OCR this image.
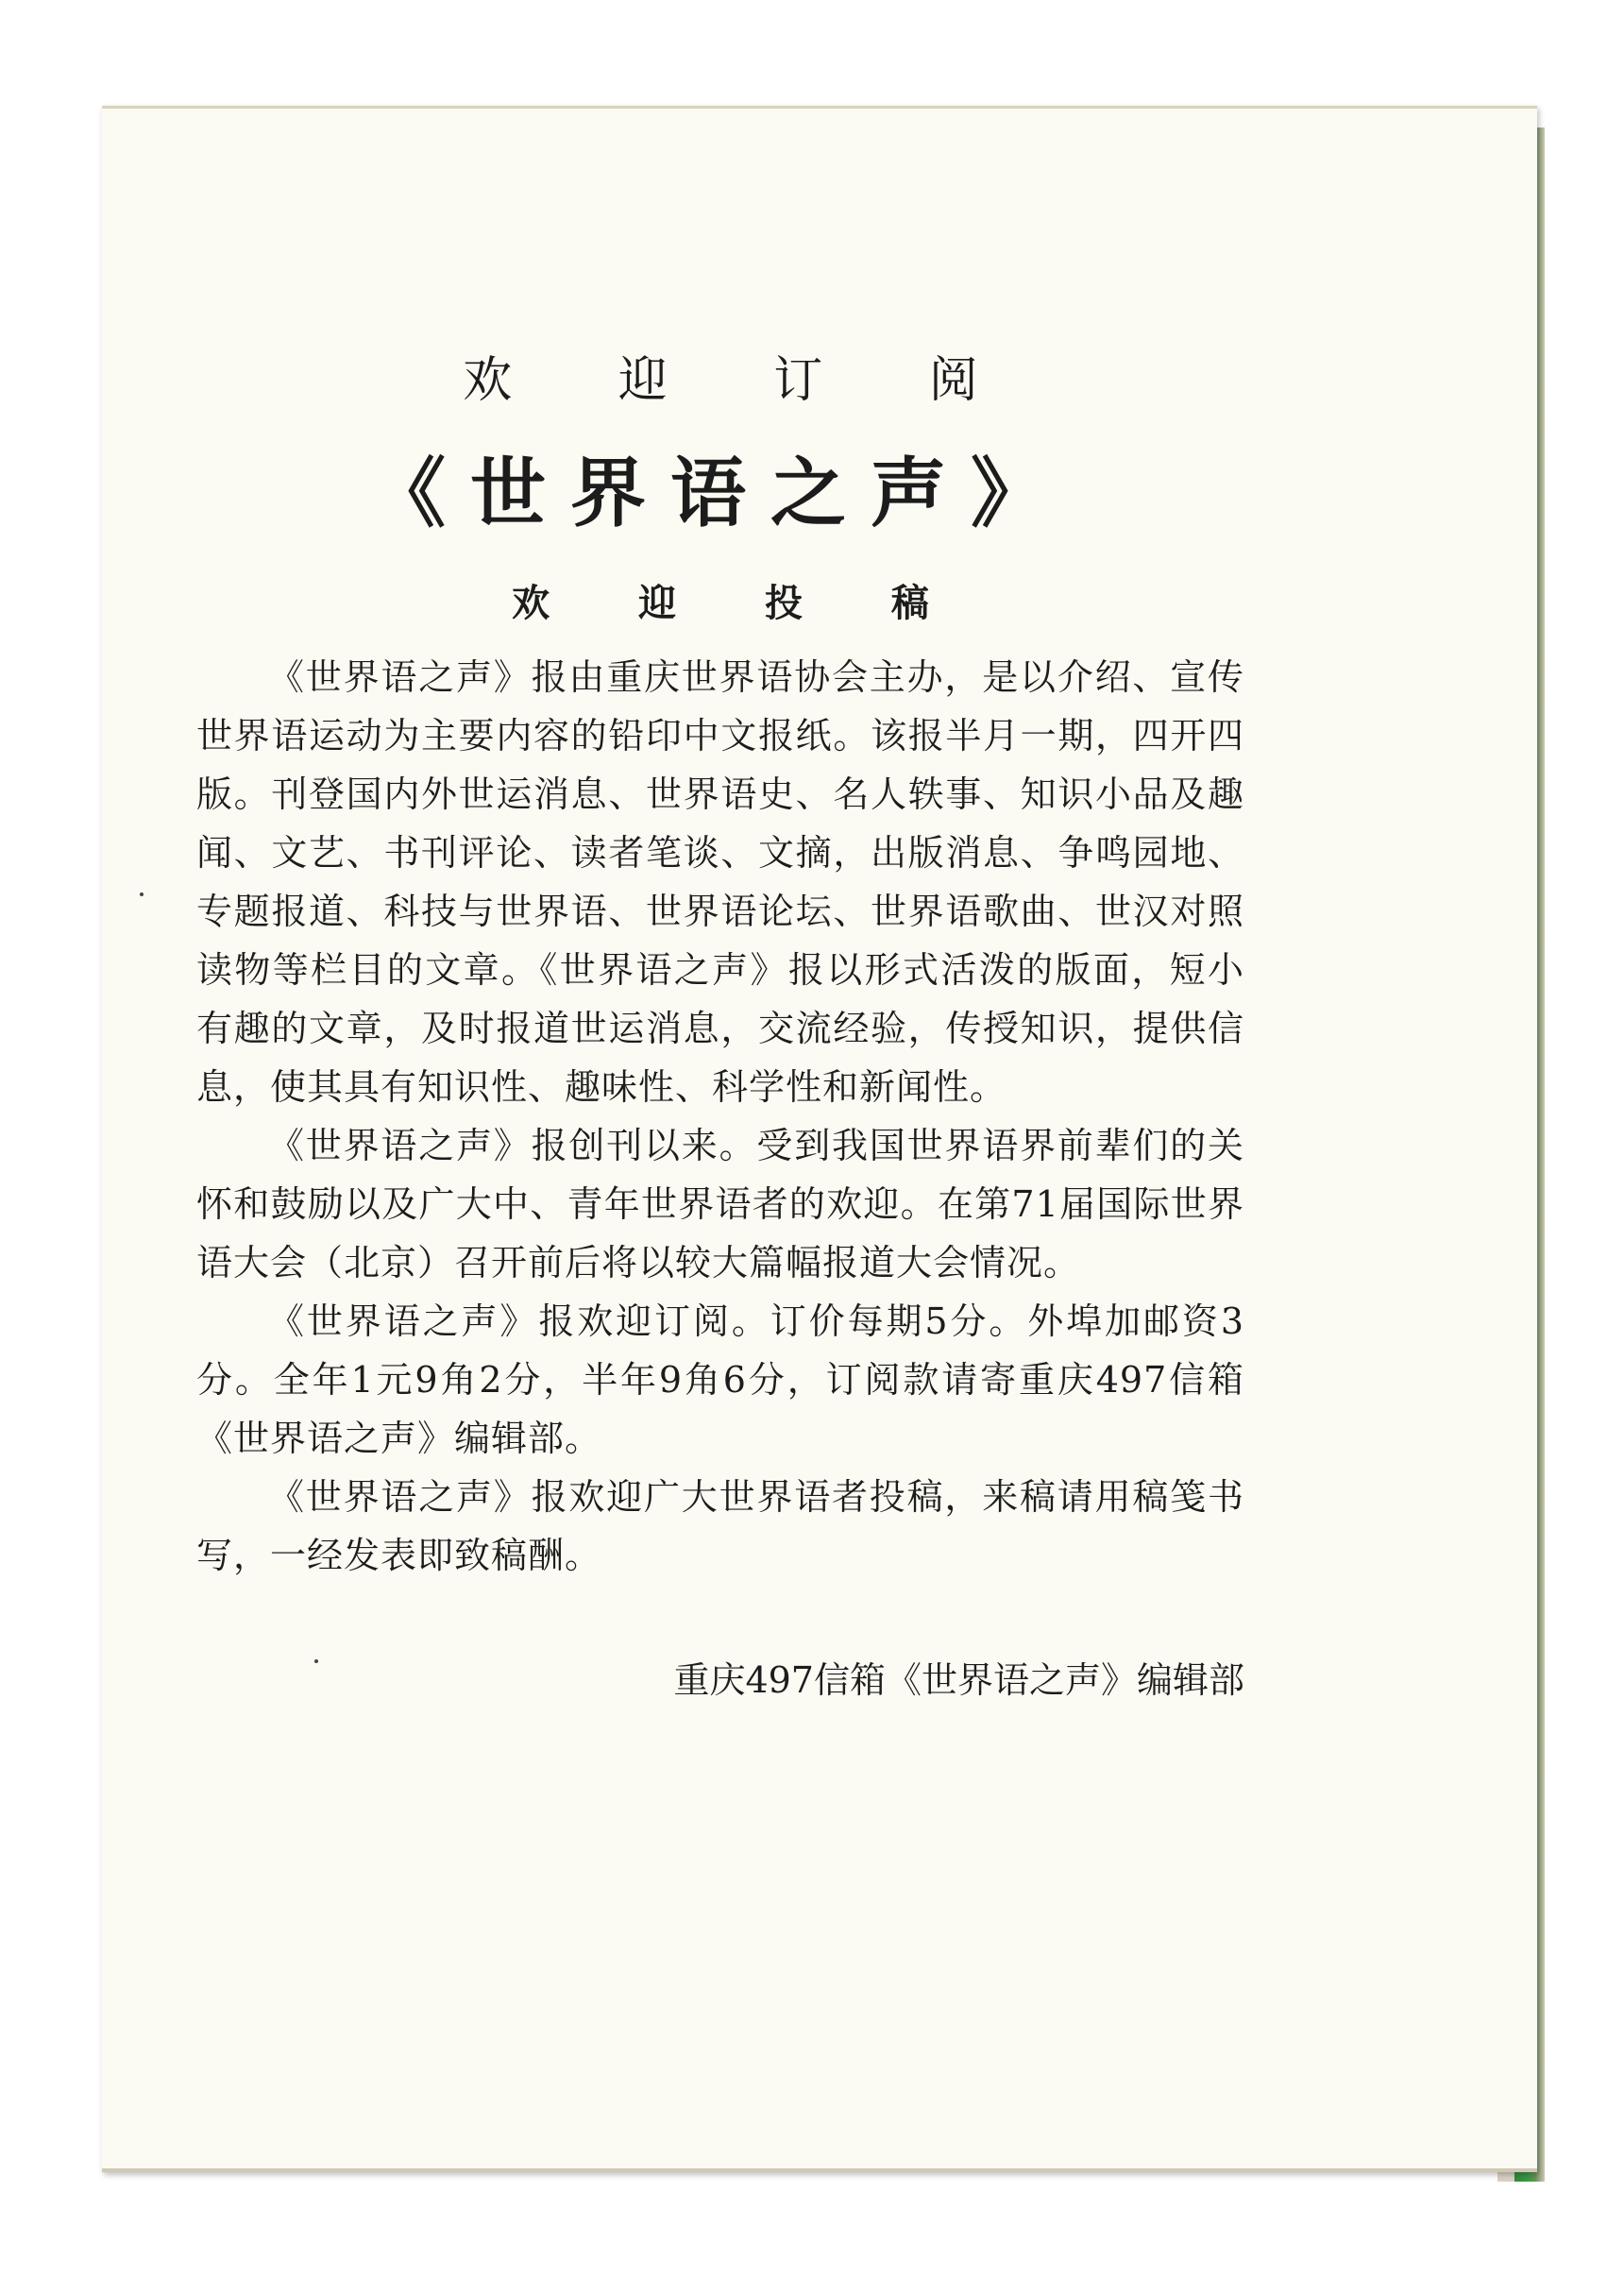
欢 迎 订 阅
《世界语之声》
欢 迎 投 稿

《世界语之声》报由重庆世界语协会主办，是以介绍、宣传世界语运动为主要内容的铅印中文报纸。该报半月一期，四开四版。刊登国内外世运消息、世界语史、名人轶事、知识小品及趣闻、文艺、书刊评论、读者笔谈、文摘，出版消息、争鸣园地、专题报道、科技与世界语、世界语论坛、世界语歌曲、世汉对照读物等栏目的文章。《世界语之声》报以形式活泼的版面，短小有趣的文章，及时报道世运消息，交流经验，传授知识，提供信息，使其具有知识性、趣味性、科学性和新闻性。

《世界语之声》报创刊以来。受到我国世界语界前辈们的关怀和鼓励以及广大中、青年世界语者的欢迎。在第71届国际世界语大会（北京）召开前后将以较大篇幅报道大会情况。

《世界语之声》报欢迎订阅。订价每期5分。外埠加邮资3分。全年1元9角2分，半年9角6分，订阅款请寄重庆497信箱《世界语之声》编辑部。

《世界语之声》报欢迎广大世界语者投稿，来稿请用稿笺书写，一经发表即致稿酬。

重庆497信箱《世界语之声》编辑部
